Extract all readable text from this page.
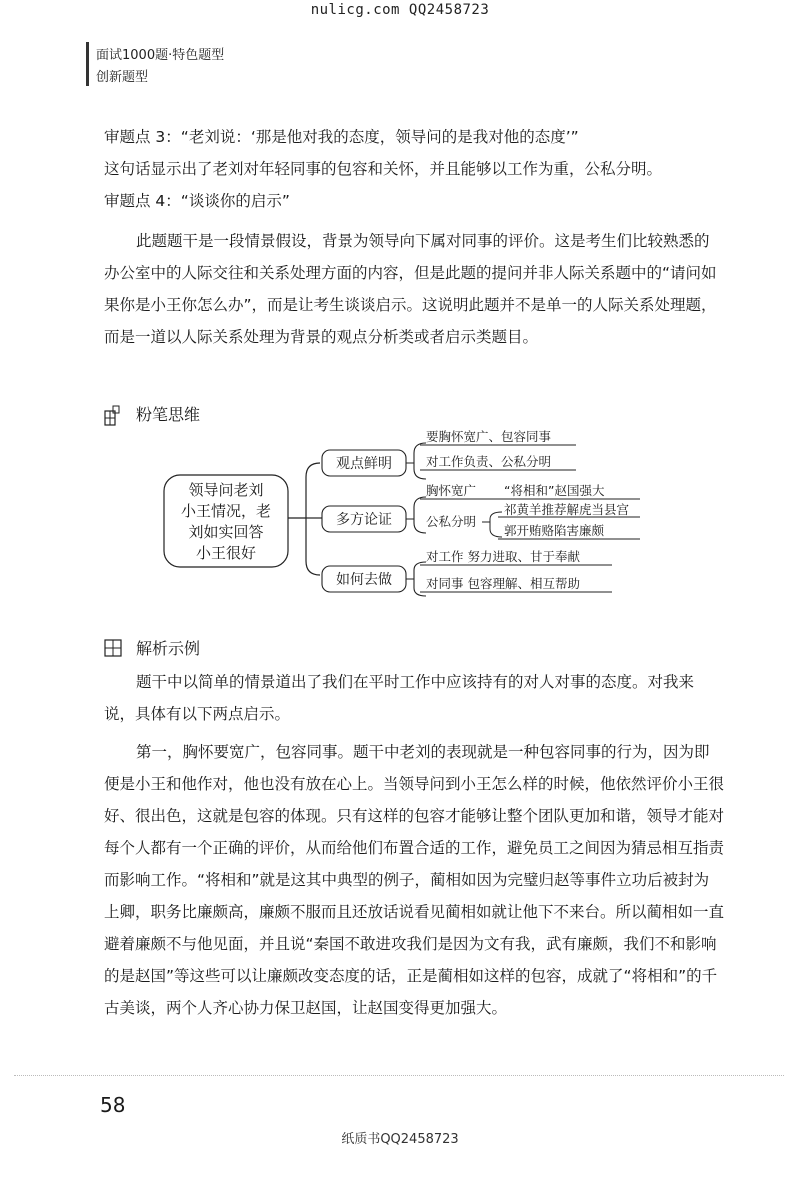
nulicg.com QQ2458723
面试1000题·特色题型
创新题型
审题点 3：“老刘说：‘那是他对我的态度，领导问的是我对他的态度’”
这句话显示出了老刘对年轻同事的包容和关怀，并且能够以工作为重，公私分明。
审题点 4：“谈谈你的启示”
此题题干是一段情景假设，背景为领导向下属对同事的评价。这是考生们比较熟悉的办公室中的人际交往和关系处理方面的内容，但是此题的提问并非人际关系题中的“请问如果你是小王你怎么办”，而是让考生谈谈启示。这说明此题并不是单一的人际关系处理题，而是一道以人际关系处理为背景的观点分析类或者启示类题目。
粉笔思维
领导问老刘
小王情况，老
刘如实回答
小王很好
观点鲜明
要胸怀宽广、包容同事
对工作负责、公私分明
多方论证
胸怀宽广 “将相和”赵国强大
公私分明
祁黄羊推荐解虎当县宫
郭开贿赂陷害廉颇
如何去做
对工作 努力进取、甘于奉献
对同事 包容理解、相互帮助
解析示例
题干中以简单的情景道出了我们在平时工作中应该持有的对人对事的态度。对我来说，具体有以下两点启示。
第一，胸怀要宽广，包容同事。题干中老刘的表现就是一种包容同事的行为，因为即便是小王和他作对，他也没有放在心上。当领导问到小王怎么样的时候，他依然评价小王很好、很出色，这就是包容的体现。只有这样的包容才能够让整个团队更加和谐，领导才能对每个人都有一个正确的评价，从而给他们布置合适的工作，避免员工之间因为猜忌相互指责而影响工作。“将相和”就是这其中典型的例子，蔺相如因为完璧归赵等事件立功后被封为上卿，职务比廉颇高，廉颇不服而且还放话说看见蔺相如就让他下不来台。所以蔺相如一直避着廉颇不与他见面，并且说“秦国不敢进攻我们是因为文有我，武有廉颇，我们不和影响的是赵国”等这些可以让廉颇改变态度的话，正是蔺相如这样的包容，成就了“将相和”的千古美谈，两个人齐心协力保卫赵国，让赵国变得更加强大。
58
纸质书QQ2458723
